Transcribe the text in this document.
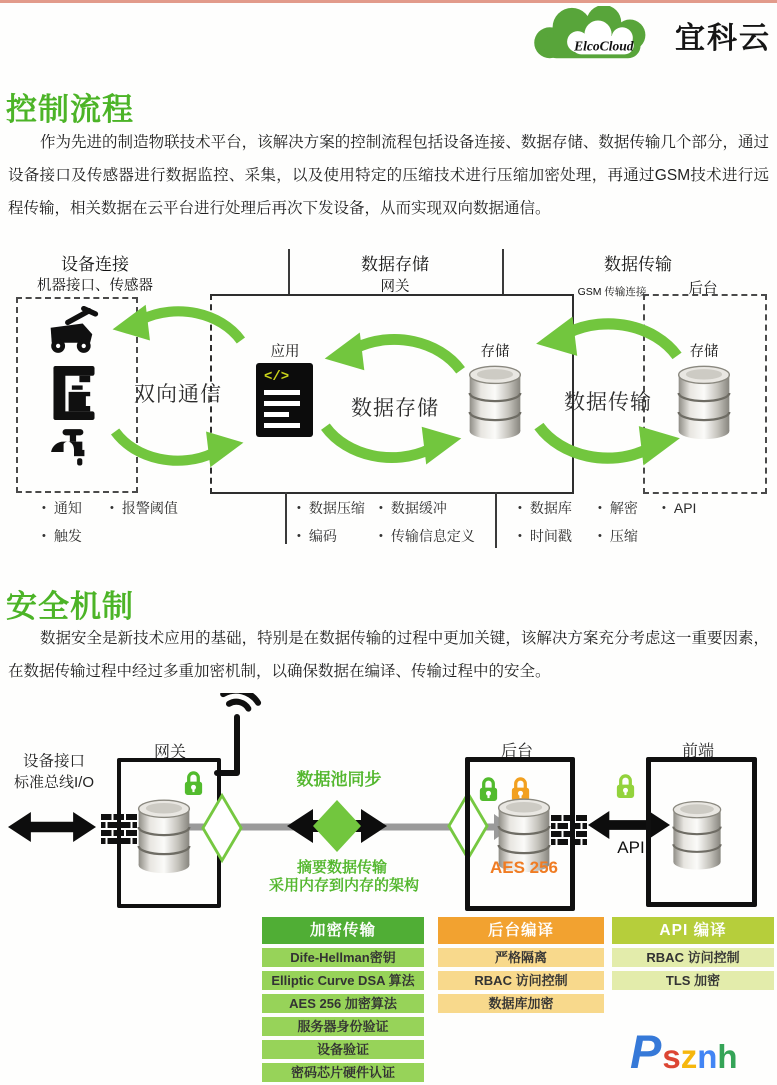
ElcoCloud 宜科云
控制流程

作为先进的制造物联技术平台，该解决方案的控制流程包括设备连接、数据存储、数据传输几个部分，通过设备接口及传感器进行数据监控、采集，以及使用特定的压缩技术进行压缩加密处理，再通过GSM技术进行远程传输，相关数据在云平台进行处理后再次下发设备，从而实现双向数据通信。

设备连接
机器接口、传感器
数据存储
网关
数据传输
GSM 传输连接	后台
双向通信
应用
</>
数据存储
存储
数据传输
存储
• 通知
• 触发
• 报警阈值	• 数据压缩
• 编码
• 数据缓冲
• 传输信息定义
• 数据库
• 时间戳
• 解密
• 压缩
• API
安全机制

数据安全是新技术应用的基础，特别是在数据传输的过程中更加关键，该解决方案充分考虑这一重要因素，在数据传输过程中经过多重加密机制，以确保数据在编译、传输过程中的安全。

网关
设备接口
标准总线I/O	数据池同步
摘要数据传输
采用内存到内存的架构
后台
AES 256
API
前端
加密传输
Dife-Hellman密钥
Elliptic Curve DSA 算法
AES 256 加密算法
服务器身份验证
设备验证
密码芯片硬件认证
后台编译
严格隔离
RBAC 访问控制
数据库加密
API 编译
RBAC 访问控制
TLS 加密
Psznh
